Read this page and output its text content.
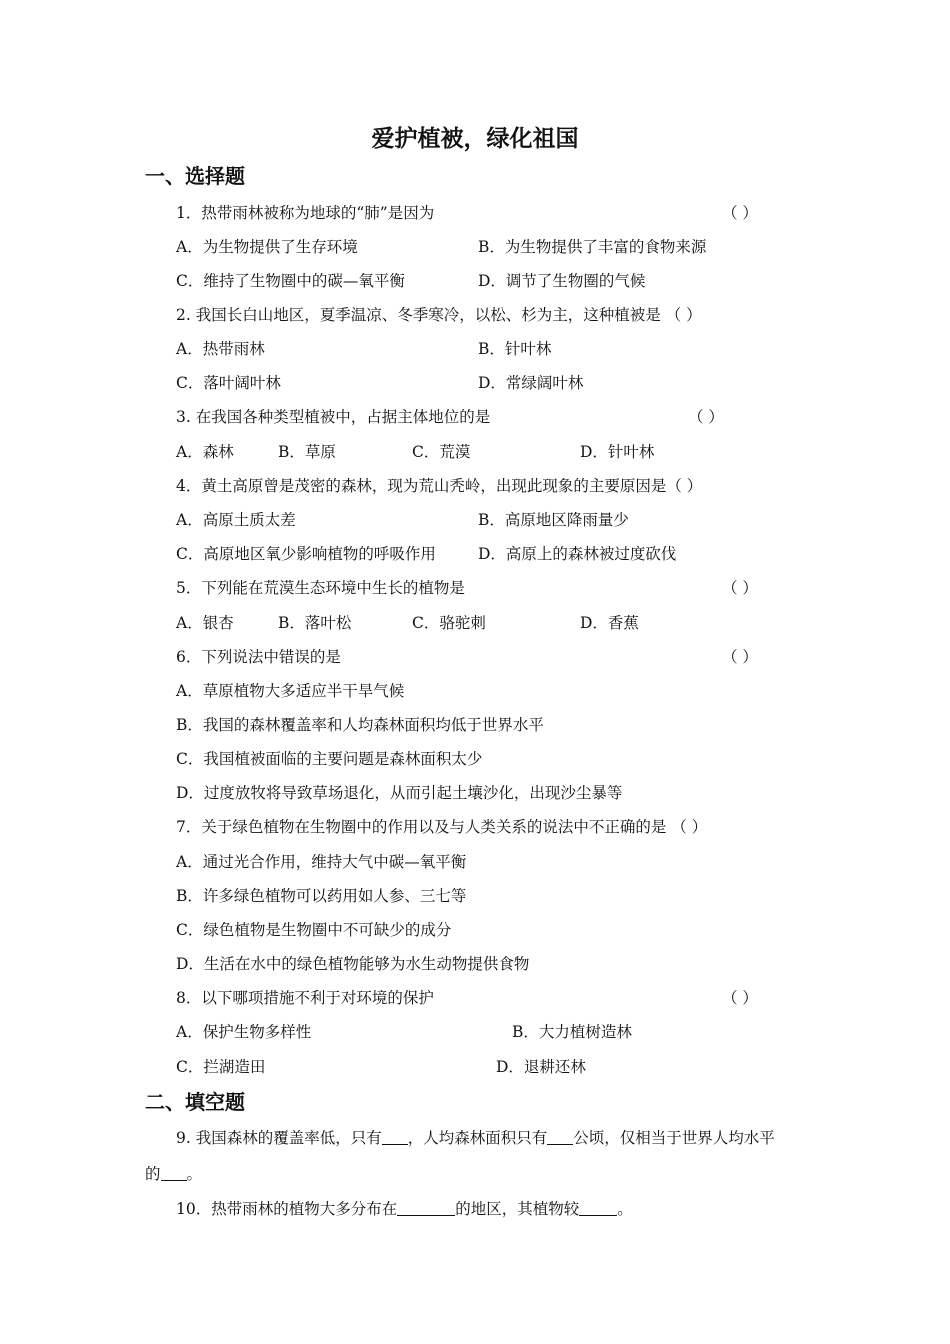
爱护植被，绿化祖国
一、选择题
1．热带雨林被称为地球的“肺”是因为	（ ）
A．为生物提供了生存环境	B．为生物提供了丰富的食物来源
C．维持了生物圈中的碳—氧平衡	D．调节了生物圈的气候
2. 我国长白山地区，夏季温凉、冬季寒冷，以松、杉为主，这种植被是 （ ）
A．热带雨林	B．针叶林
C．落叶阔叶林	D．常绿阔叶林
3. 在我国各种类型植被中，占据主体地位的是	（ ）
A．森林	B．草原	C．荒漠	D．针叶林
4．黄土高原曾是茂密的森林，现为荒山秃岭，出现此现象的主要原因是（ ）
A．高原土质太差	B．高原地区降雨量少
C．高原地区氧少影响植物的呼吸作用	D．高原上的森林被过度砍伐
5．下列能在荒漠生态环境中生长的植物是	（ ）
A．银杏	B．落叶松	C．骆驼刺	D．香蕉
6．下列说法中错误的是	（ ）
A．草原植物大多适应半干旱气候
B．我国的森林覆盖率和人均森林面积均低于世界水平
C．我国植被面临的主要问题是森林面积太少
D．过度放牧将导致草场退化，从而引起土壤沙化，出现沙尘暴等
7．关于绿色植物在生物圈中的作用以及与人类关系的说法中不正确的是 （ ）
A．通过光合作用，维持大气中碳—氧平衡
B．许多绿色植物可以药用如人参、三七等
C．绿色植物是生物圈中不可缺少的成分
D．生活在水中的绿色植物能够为水生动物提供食物
8．以下哪项措施不利于对环境的保护	（ ）
A．保护生物多样性	B．大力植树造林
C．拦湖造田	D．退耕还林
二、填空题
9. 我国森林的覆盖率低，只有 ，人均森林面积只有 公顷，仅相当于世界人均水平
的 。
10．热带雨林的植物大多分布在	的地区，其植物较 。
